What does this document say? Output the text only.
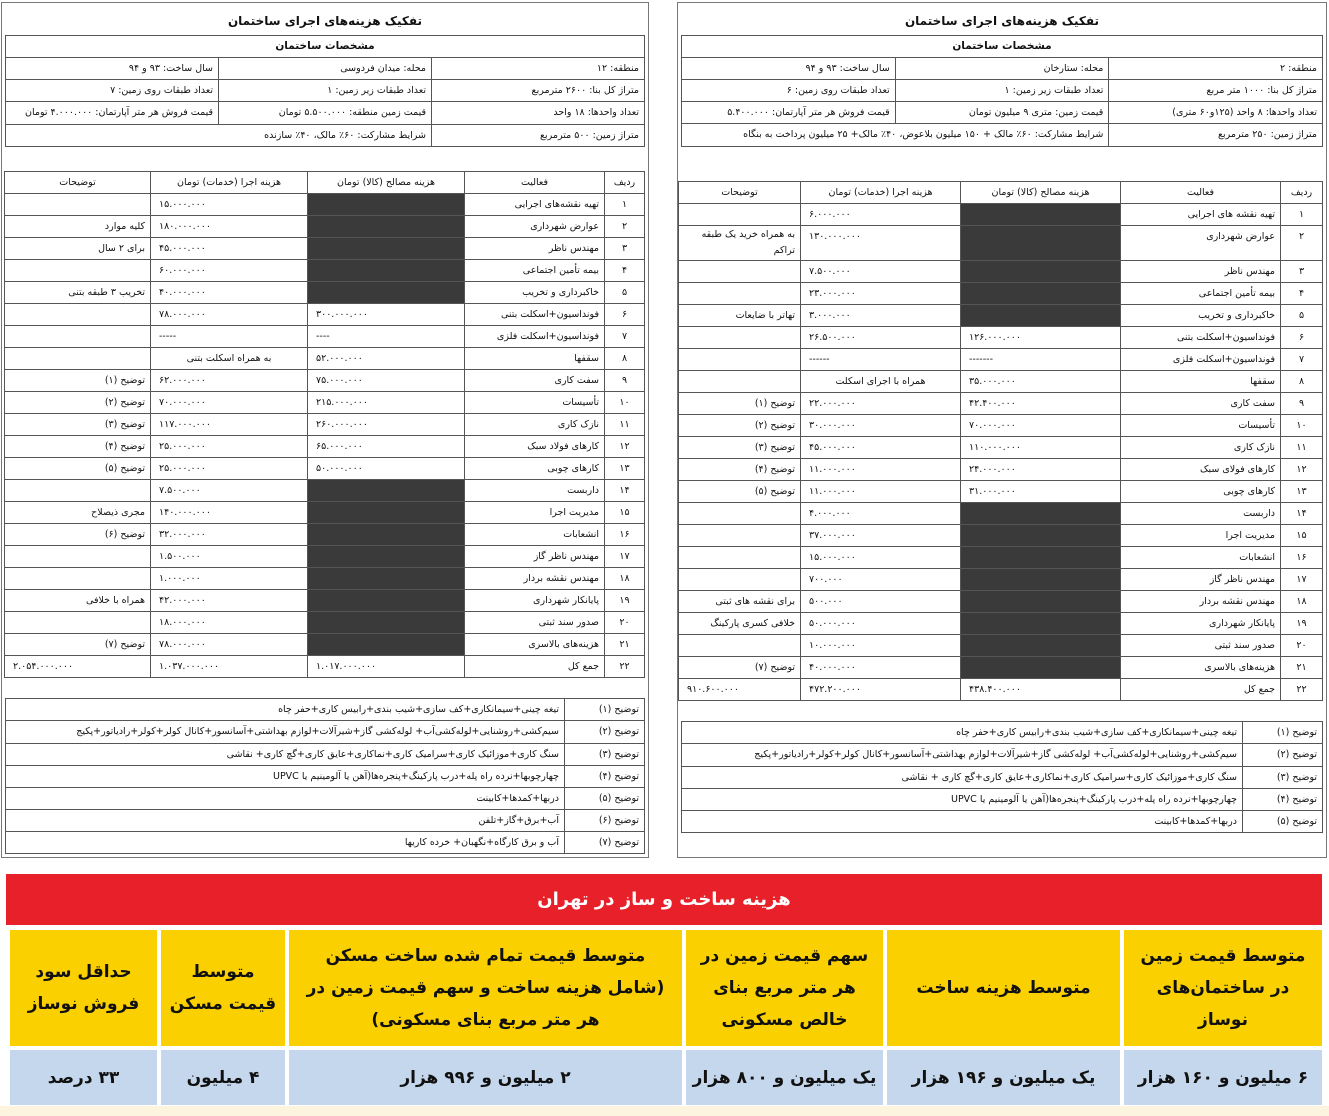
تفکیک هزینه‌های اجرای ساختمان
مشخصات ساختمان		
منطقه: ۲	محله: ستارخان	سال ساخت: ۹۳ و ۹۴
متراژ کل بنا: ۱۰۰۰ متر مربع	تعداد طبقات زیر زمین: ۱	تعداد طبقات روی زمین: ۶
تعداد واحدها: ۸ واحد (۱۲۵و۶۰ متری)	قیمت زمین: متری ۹ میلیون تومان	قیمت فروش هر متر آپارتمان: ۵.۴۰۰.۰۰۰
متراژ زمین: ۲۵۰ مترمربع	شرایط مشارکت: ۶۰٪ مالک + ۱۵۰ میلیون بلاعوض، ۴۰٪ مالک+ ۲۵ میلیون پرداخت به بنگاه	
ردیف	فعالیت	هزینه مصالح (کالا) تومان	هزینه اجرا (خدمات) تومان	توضیحات
۱	تهیه نقشه های اجرایی		۶.۰۰۰.۰۰۰	
۲	عوارض شهرداری		۱۳۰.۰۰۰.۰۰۰	به همراه خرید یک طبقه تراکم
۳	مهندس ناظر		۷.۵۰۰.۰۰۰	
۴	بیمه تأمین اجتماعی		۲۳.۰۰۰.۰۰۰	
۵	خاکبرداری و تخریب		۳.۰۰۰.۰۰۰	تهاتر با ضایعات
۶	فونداسیون+اسکلت بتنی	۱۲۶.۰۰۰.۰۰۰	۲۶.۵۰۰.۰۰۰	
۷	فونداسیون+اسکلت فلزی	-------	------	
۸	سقفها	۳۵.۰۰۰.۰۰۰	همراه با اجرای اسکلت	
۹	سفت کاری	۴۲.۴۰۰.۰۰۰	۲۲.۰۰۰.۰۰۰	توضیح (۱)
۱۰	تأسیسات	۷۰.۰۰۰.۰۰۰	۳۰.۰۰۰.۰۰۰	توضیح (۲)
۱۱	نازک کاری	۱۱۰.۰۰۰.۰۰۰	۴۵.۰۰۰.۰۰۰	توضیح (۳)
۱۲	کارهای فولای سبک	۲۴.۰۰۰.۰۰۰	۱۱.۰۰۰.۰۰۰	توضیح (۴)
۱۳	کارهای چوبی	۳۱.۰۰۰.۰۰۰	۱۱.۰۰۰.۰۰۰	توضیح (۵)
۱۴	داربست		۴.۰۰۰.۰۰۰	
۱۵	مدیریت اجرا		۳۷.۰۰۰.۰۰۰	
۱۶	انشعابات		۱۵.۰۰۰.۰۰۰	
۱۷	مهندس ناظر گاز		۷۰۰.۰۰۰	
۱۸	مهندس نقشه بردار		۵۰۰.۰۰۰	برای نقشه های ثبتی
۱۹	پایانکار شهرداری		۵۰.۰۰۰.۰۰۰	خلافی کسری پارکینگ
۲۰	صدور سند ثبتی		۱۰.۰۰۰.۰۰۰	
۲۱	هزینه‌های بالاسری		۴۰.۰۰۰.۰۰۰	توضیح (۷)
۲۲	جمع کل	۴۳۸.۴۰۰.۰۰۰	۴۷۲.۲۰۰.۰۰۰	۹۱۰.۶۰۰.۰۰۰
توضیح (۱)	تیغه چینی+سیمانکاری+کف سازی+شیب بندی+رابیس کاری+حفر چاه
توضیح (۲)	سیم‌کشی+روشنایی+لوله‌کشی‌آب+ لوله‌کشی گاز+شیرآلات+لوازم بهداشتی+آسانسور+کانال کولر+کولر+رادیاتور+پکیج
توضیح (۳)	سنگ کاری+موزائیک کاری+سرامیک کاری+نماکاری+عایق کاری+گچ کاری + نقاشی
توضیح (۴)	چهارچوبها+نرده راه پله+درب پارکینگ+پنجره‌ها(آهن یا آلومینیم یا UPVC
توضیح (۵)	دربها+کمدها+کابینت
تفکیک هزینه‌های اجرای ساختمان
مشخصات ساختمان		
منطقه: ۱۲	محله: میدان فردوسی	سال ساخت: ۹۳ و ۹۴
متراژ کل بنا: ۲۶۰۰ مترمربع	تعداد طبقات زیر زمین: ۱	تعداد طبقات روی زمین: ۷
تعداد واحدها: ۱۸ واحد	قیمت زمین منطقه: ۵.۵۰۰.۰۰۰ تومان	قیمت فروش هر متر آپارتمان: ۴.۰۰۰.۰۰۰ تومان
متراژ زمین: ۵۰۰ مترمربع	شرایط مشارکت: ۶۰٪ مالک، ۴۰٪ سازنده	
ردیف	فعالیت	هزینه مصالح (کالا) تومان	هزینه اجرا (خدمات) تومان	توضیحات
۱	تهیه نقشه‌های اجرایی		۱۵.۰۰۰.۰۰۰	
۲	عوارض شهرداری		۱۸۰.۰۰۰.۰۰۰	کلیه موارد
۳	مهندس ناظر		۴۵.۰۰۰.۰۰۰	برای ۲ سال
۴	بیمه تأمین اجتماعی		۶۰.۰۰۰.۰۰۰	
۵	خاکبرداری و تخریب		۴۰.۰۰۰.۰۰۰	تخریب ۳ طبقه بتنی
۶	فونداسیون+اسکلت بتنی	۳۰۰.۰۰۰.۰۰۰	۷۸.۰۰۰.۰۰۰	
۷	فونداسیون+اسکلت فلزی	----	-----	
۸	سقفها	۵۲.۰۰۰.۰۰۰	به همراه اسکلت بتنی	
۹	سفت کاری	۷۵.۰۰۰.۰۰۰	۶۲.۰۰۰.۰۰۰	توضیح (۱)
۱۰	تأسیسات	۲۱۵.۰۰۰.۰۰۰	۷۰.۰۰۰.۰۰۰	توضیح (۲)
۱۱	نازک کاری	۲۶۰.۰۰۰.۰۰۰	۱۱۷.۰۰۰.۰۰۰	توضیح (۳)
۱۲	کارهای فولاد سبک	۶۵.۰۰۰.۰۰۰	۲۵.۰۰۰.۰۰۰	توضیح (۴)
۱۳	کارهای چوبی	۵۰.۰۰۰.۰۰۰	۲۵.۰۰۰.۰۰۰	توضیح (۵)
۱۴	داربست		۷.۵۰۰.۰۰۰	
۱۵	مدیریت اجرا		۱۴۰.۰۰۰.۰۰۰	مجری ذیصلاح
۱۶	انشعابات		۳۲.۰۰۰.۰۰۰	توضیح (۶)
۱۷	مهندس ناظر گاز		۱.۵۰۰.۰۰۰	
۱۸	مهندس نقشه بردار		۱.۰۰۰.۰۰۰	
۱۹	پایانکار شهرداری		۴۲.۰۰۰.۰۰۰	همراه با خلافی
۲۰	صدور سند ثبتی		۱۸.۰۰۰.۰۰۰	
۲۱	هزینه‌های بالاسری		۷۸.۰۰۰.۰۰۰	توضیح (۷)
۲۲	جمع کل	۱.۰۱۷.۰۰۰.۰۰۰	۱.۰۳۷.۰۰۰.۰۰۰	۲.۰۵۴.۰۰۰.۰۰۰
توضیح (۱)	تیغه چینی+سیمانکاری+کف سازی+شیب بندی+رابیس کاری+حفر چاه
توضیح (۲)	سیم‌کشی+روشنایی+لوله‌کشی‌آب+ لوله‌کشی گاز+شیرآلات+لوازم بهداشتی+آسانسور+کانال کولر+کولر+رادیاتور+پکیج
توضیح (۳)	سنگ کاری+موزائیک کاری+سرامیک کاری+نماکاری+عایق کاری+گچ کاری+ نقاشی
توضیح (۴)	چهارچوبها+نرده راه پله+درب پارکینگ+پنجره‌ها(آهن یا آلومینیم یا UPVC
توضیح (۵)	دربها+کمدها+کابینت
توضیح (۶)	آب+برق+گاز+تلفن
توضیح (۷)	آب و برق کارگاه+نگهبان+ خرده کاریها
هزینه ساخت و ساز در تهران
متوسط قیمت زمین در ساختمان‌های نوساز
متوسط هزینه ساخت
سهم قیمت زمین در هر متر مربع بنای خالص مسکونی
متوسط قیمت تمام شده ساخت مسکن (شامل هزینه ساخت و سهم قیمت زمین در هر متر مربع بنای مسکونی)
متوسط قیمت مسکن
حداقل سود فروش نوساز
۶ میلیون و ۱۶۰ هزار
یک میلیون و ۱۹۶ هزار
یک میلیون و ۸۰۰ هزار
۲ میلیون و ۹۹۶ هزار
۴ میلیون
۳۳ درصد
